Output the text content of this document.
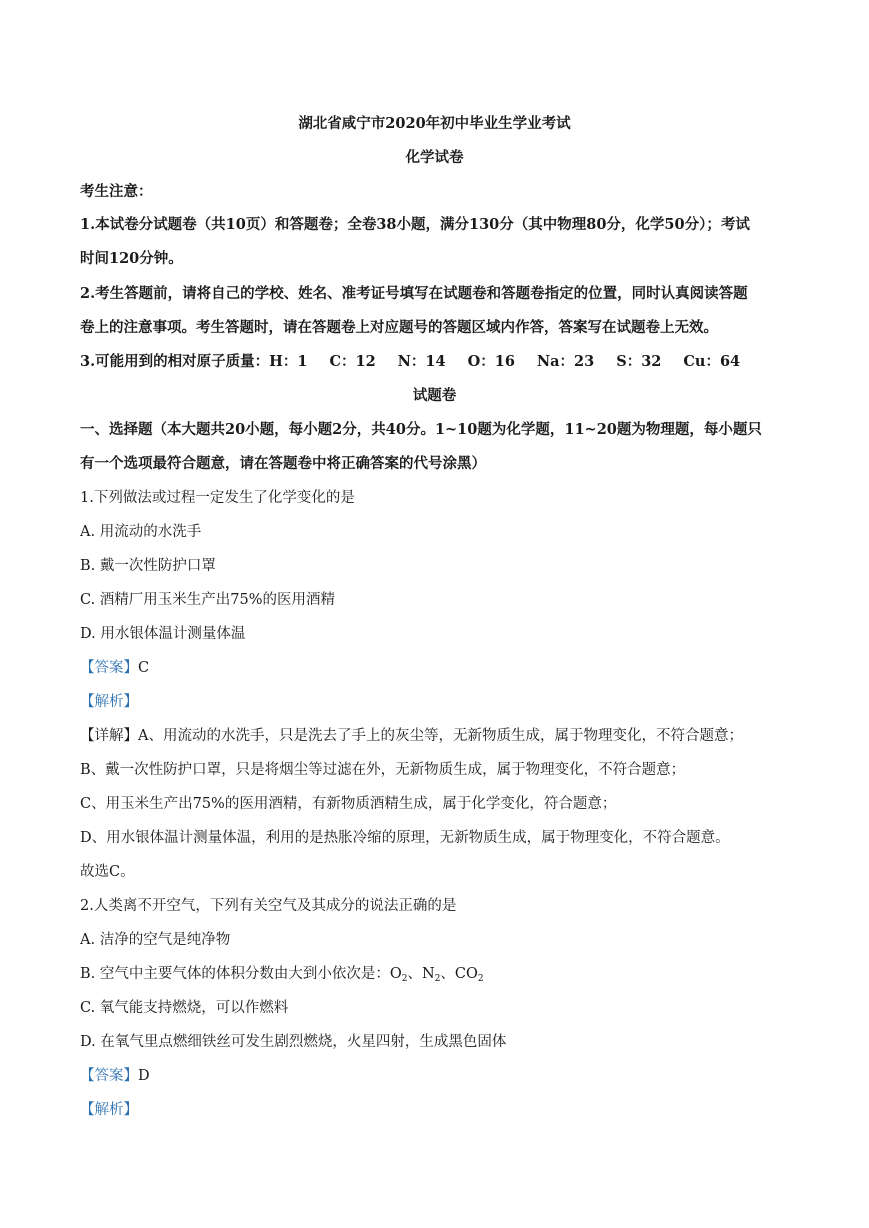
湖北省咸宁市2020年初中毕业生学业考试
化学试卷
考生注意：
1.本试卷分试题卷（共10页）和答题卷；全卷38小题，满分130分（其中物理80分，化学50分）；考试
时间120分钟。
2.考生答题前，请将自己的学校、姓名、准考证号填写在试题卷和答题卷指定的位置，同时认真阅读答题
卷上的注意事项。考生答题时，请在答题卷上对应题号的答题区域内作答，答案写在试题卷上无效。
3.可能用到的相对原子质量：H：1 C：12 N：14 O：16 Na：23 S：32 Cu：64
试题卷
一、选择题（本大题共20小题，每小题2分，共40分。1~10题为化学题，11~20题为物理题，每小题只
有一个选项最符合题意，请在答题卷中将正确答案的代号涂黑）
1.下列做法或过程一定发生了化学变化的是
A. 用流动的水洗手
B. 戴一次性防护口罩
C. 酒精厂用玉米生产出75%的医用酒精
D. 用水银体温计测量体温
【答案】C
【解析】
【详解】A、用流动的水洗手，只是洗去了手上的灰尘等，无新物质生成，属于物理变化，不符合题意；
B、戴一次性防护口罩，只是将烟尘等过滤在外，无新物质生成，属于物理变化，不符合题意；
C、用玉米生产出75%的医用酒精，有新物质酒精生成，属于化学变化，符合题意；
D、用水银体温计测量体温，利用的是热胀冷缩的原理，无新物质生成，属于物理变化，不符合题意。
故选C。
2.人类离不开空气，下列有关空气及其成分的说法正确的是
A. 洁净的空气是纯净物
B. 空气中主要气体的体积分数由大到小依次是：$O_2$、$N_2$、$CO_2$
C. 氧气能支持燃烧，可以作燃料
D. 在氧气里点燃细铁丝可发生剧烈燃烧，火星四射，生成黑色固体
【答案】D
【解析】
